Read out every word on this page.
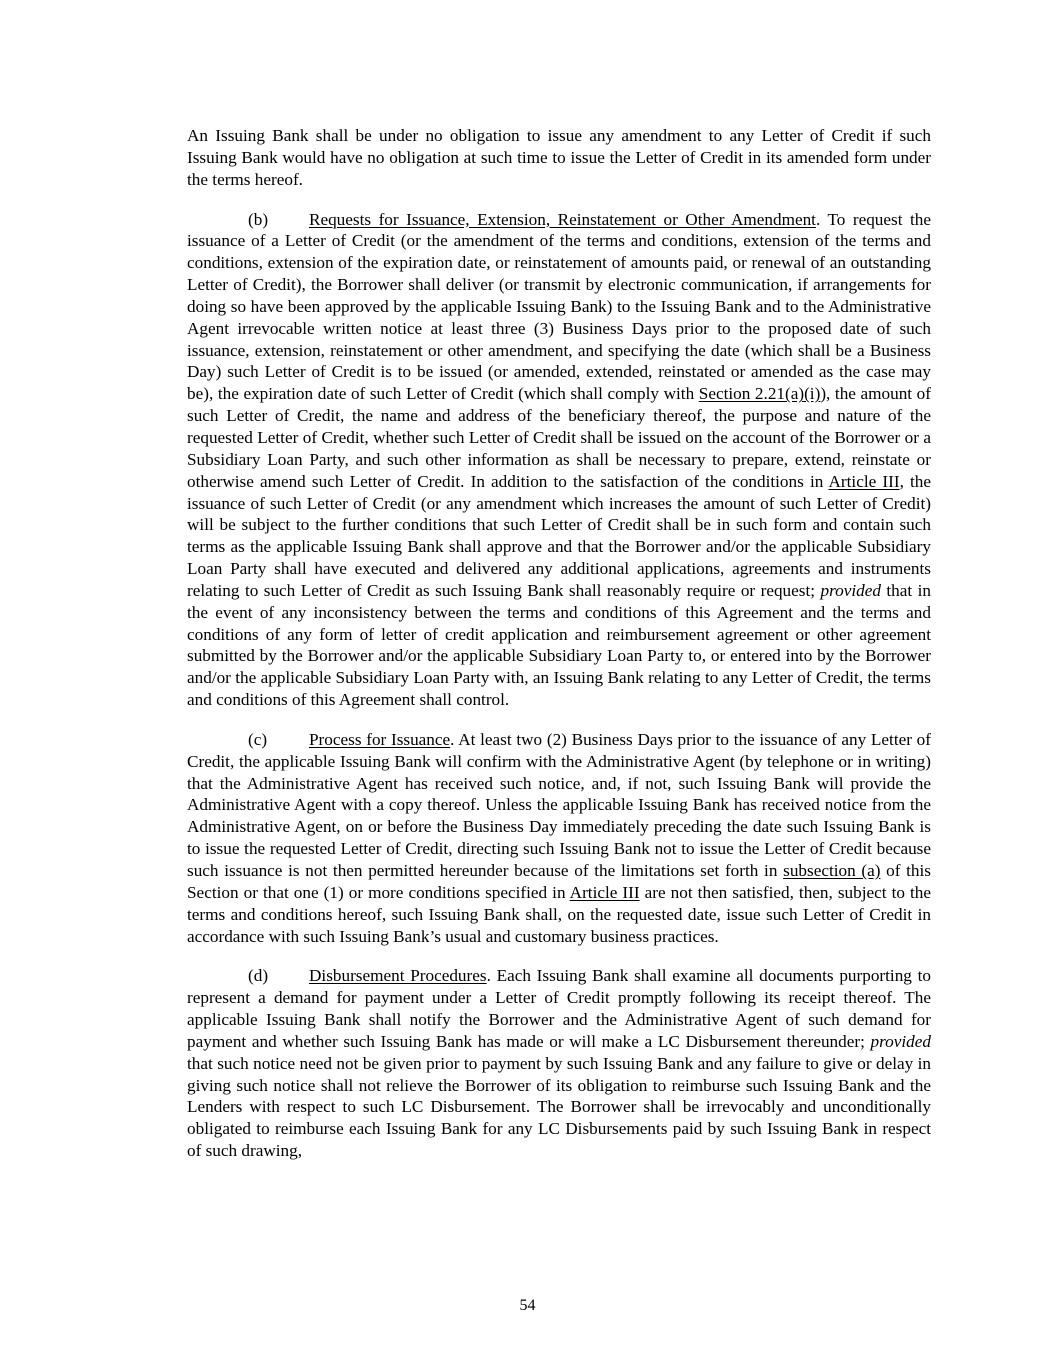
An Issuing Bank shall be under no obligation to issue any amendment to any Letter of Credit if such Issuing Bank would have no obligation at such time to issue the Letter of Credit in its amended form under the terms hereof.

(b) Requests for Issuance, Extension, Reinstatement or Other Amendment. To request the issuance of a Letter of Credit (or the amendment of the terms and conditions, extension of the terms and conditions, extension of the expiration date, or reinstatement of amounts paid, or renewal of an outstanding Letter of Credit), the Borrower shall deliver (or transmit by electronic communication, if arrangements for doing so have been approved by the applicable Issuing Bank) to the Issuing Bank and to the Administrative Agent irrevocable written notice at least three (3) Business Days prior to the proposed date of such issuance, extension, reinstatement or other amendment, and specifying the date (which shall be a Business Day) such Letter of Credit is to be issued (or amended, extended, reinstated or amended as the case may be), the expiration date of such Letter of Credit (which shall comply with Section 2.21(a)(i)), the amount of such Letter of Credit, the name and address of the beneficiary thereof, the purpose and nature of the requested Letter of Credit, whether such Letter of Credit shall be issued on the account of the Borrower or a Subsidiary Loan Party, and such other information as shall be necessary to prepare, extend, reinstate or otherwise amend such Letter of Credit. In addition to the satisfaction of the conditions in Article III, the issuance of such Letter of Credit (or any amendment which increases the amount of such Letter of Credit) will be subject to the further conditions that such Letter of Credit shall be in such form and contain such terms as the applicable Issuing Bank shall approve and that the Borrower and/or the applicable Subsidiary Loan Party shall have executed and delivered any additional applications, agreements and instruments relating to such Letter of Credit as such Issuing Bank shall reasonably require or request; provided that in the event of any inconsistency between the terms and conditions of this Agreement and the terms and conditions of any form of letter of credit application and reimbursement agreement or other agreement submitted by the Borrower and/or the applicable Subsidiary Loan Party to, or entered into by the Borrower and/or the applicable Subsidiary Loan Party with, an Issuing Bank relating to any Letter of Credit, the terms and conditions of this Agreement shall control.

(c) Process for Issuance. At least two (2) Business Days prior to the issuance of any Letter of Credit, the applicable Issuing Bank will confirm with the Administrative Agent (by telephone or in writing) that the Administrative Agent has received such notice, and, if not, such Issuing Bank will provide the Administrative Agent with a copy thereof. Unless the applicable Issuing Bank has received notice from the Administrative Agent, on or before the Business Day immediately preceding the date such Issuing Bank is to issue the requested Letter of Credit, directing such Issuing Bank not to issue the Letter of Credit because such issuance is not then permitted hereunder because of the limitations set forth in subsection (a) of this Section or that one (1) or more conditions specified in Article III are not then satisfied, then, subject to the terms and conditions hereof, such Issuing Bank shall, on the requested date, issue such Letter of Credit in accordance with such Issuing Bank’s usual and customary business practices.

(d) Disbursement Procedures. Each Issuing Bank shall examine all documents purporting to represent a demand for payment under a Letter of Credit promptly following its receipt thereof. The applicable Issuing Bank shall notify the Borrower and the Administrative Agent of such demand for payment and whether such Issuing Bank has made or will make a LC Disbursement thereunder; provided that such notice need not be given prior to payment by such Issuing Bank and any failure to give or delay in giving such notice shall not relieve the Borrower of its obligation to reimburse such Issuing Bank and the Lenders with respect to such LC Disbursement. The Borrower shall be irrevocably and unconditionally obligated to reimburse each Issuing Bank for any LC Disbursements paid by such Issuing Bank in respect of such drawing,

54
